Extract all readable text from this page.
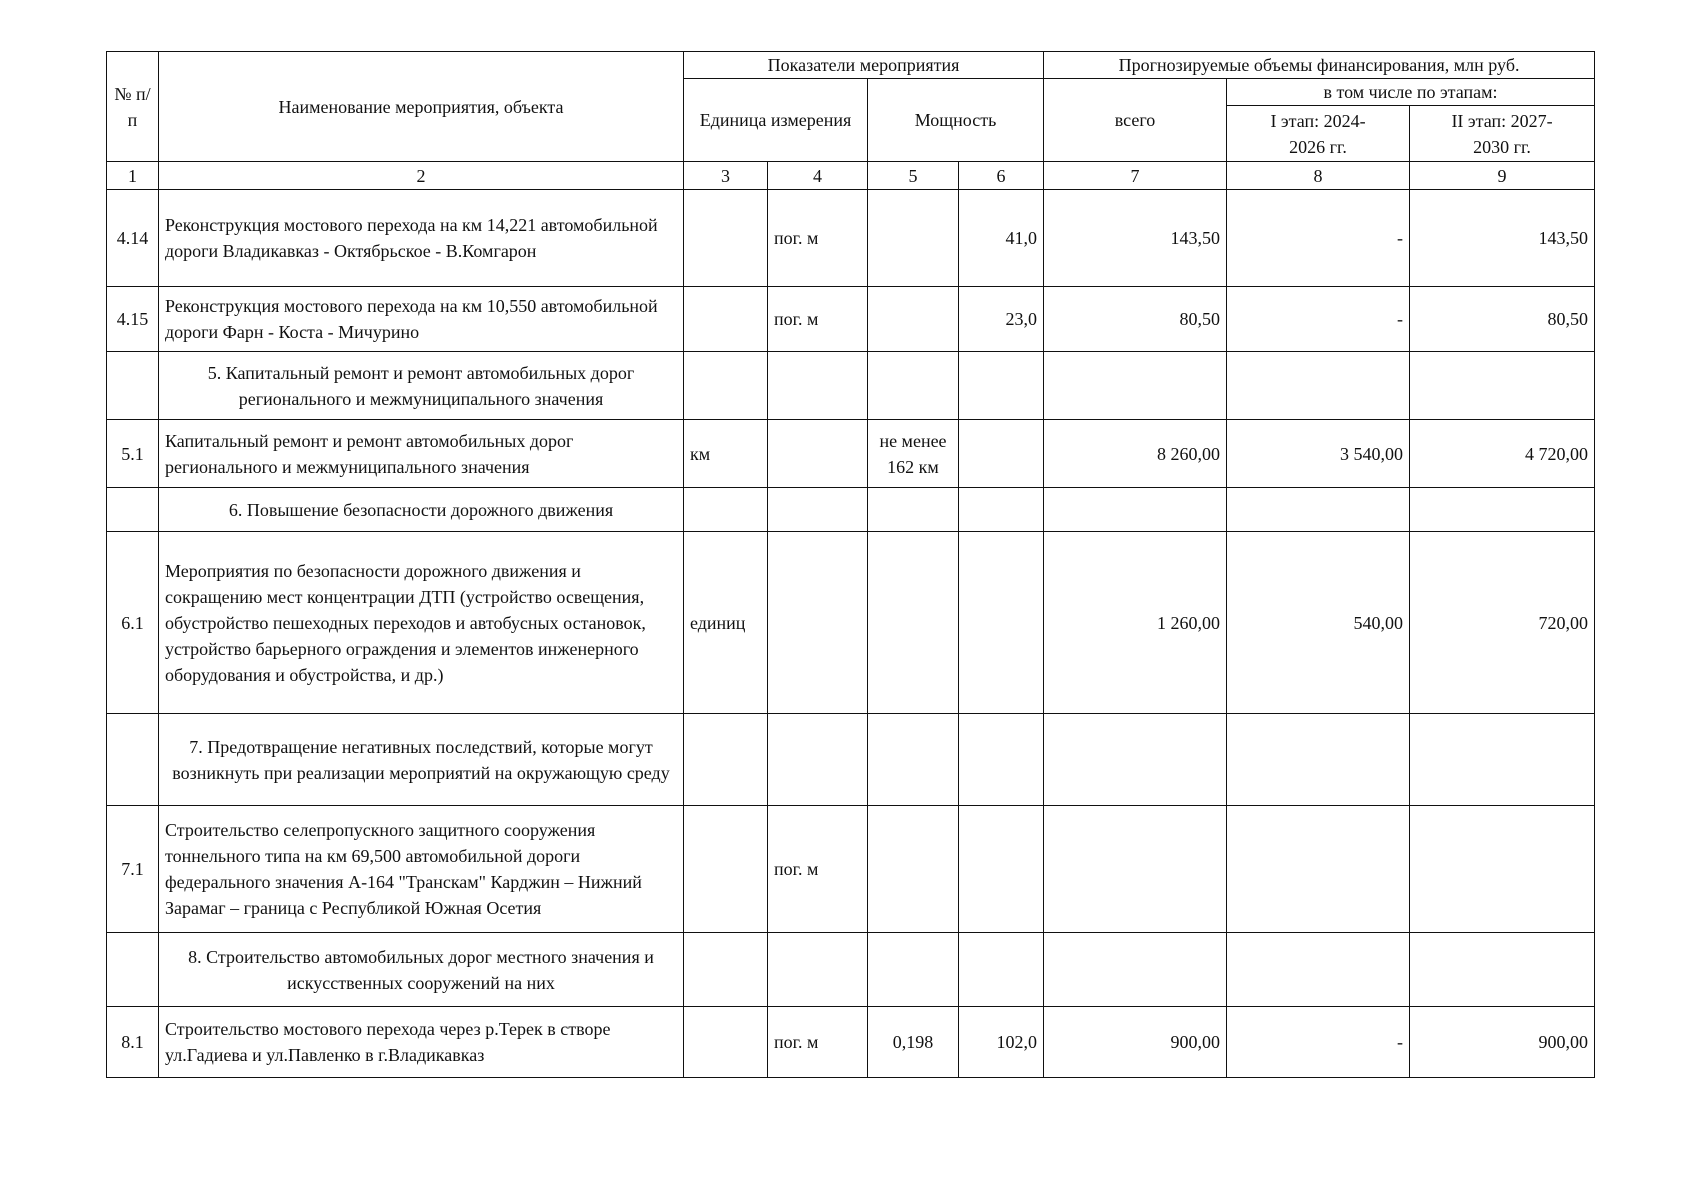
№ п/п	Наименование мероприятия, объекта	Показатели мероприятия				Прогнозируемые объемы финансирования, млн руб.		
		Единица измерения		Мощность		всего	в том числе по этапам:	
							I этап: 2024-2026 гг.	II этап: 2027-2030 гг.
1	2	3	4	5	6	7	8	9
4.14	Реконструкция мостового перехода на км 14,221 автомобильной дороги Владикавказ - Октябрьское - В.Комгарон		пог. м		41,0	143,50	-	143,50
4.15	Реконструкция мостового перехода на км 10,550 автомобильной дороги Фарн - Коста - Мичурино		пог. м		23,0	80,50	-	80,50
	5. Капитальный ремонт и ремонт автомобильных дорог регионального и межмуниципального значения							
5.1	Капитальный ремонт и ремонт автомобильных дорог регионального и межмуниципального значения	км		не менее 162 км		8 260,00	3 540,00	4 720,00
	6. Повышение безопасности дорожного движения							
6.1	Мероприятия по безопасности дорожного движения и сокращению мест концентрации ДТП (устройство освещения, обустройство пешеходных переходов и автобусных остановок, устройство барьерного ограждения и элементов инженерного оборудования и обустройства, и др.)	единиц				1 260,00	540,00	720,00
	7. Предотвращение негативных последствий, которые могут возникнуть при реализации мероприятий на окружающую среду							
7.1	Строительство селепропускного защитного сооружения тоннельного типа на км 69,500 автомобильной дороги федерального значения А-164 "Транскам" Карджин – Нижний Зарамаг – граница с Республикой Южная Осетия		пог. м					
	8. Строительство автомобильных дорог местного значения и искусственных сооружений на них							
8.1	Строительство мостового перехода через р.Терек в створе ул.Гадиева и ул.Павленко в г.Владикавказ		пог. м	0,198	102,0	900,00	-	900,00
